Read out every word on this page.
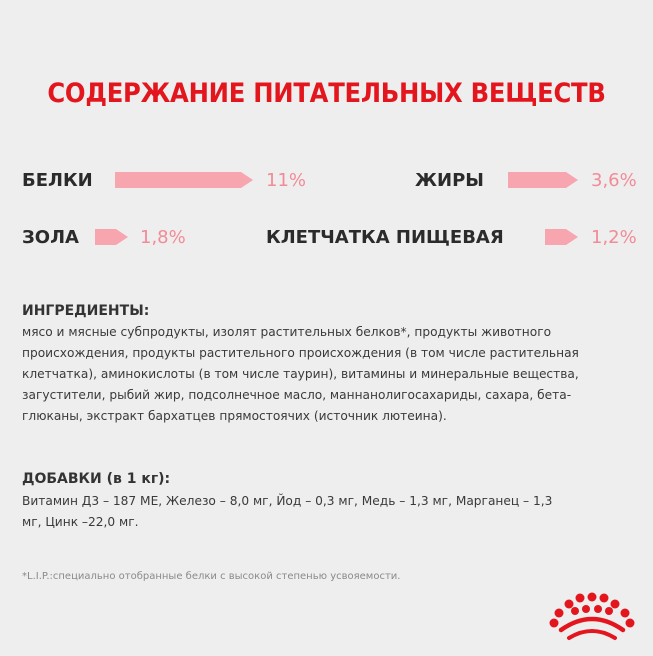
СОДЕРЖАНИЕ ПИТАТЕЛЬНЫХ ВЕЩЕСТВ
БЕЛКИ	11%	ЖИРЫ	3,6%
ЗОЛА	1,8%	КЛЕТЧАТКА ПИЩЕВАЯ	1,2%
ИНГРЕДИЕНТЫ:

мясо и мясные субпродукты, изолят растительных белков*, продукты животного происхождения, продукты растительного происхождения (в том числе растительная клетчатка), аминокислоты (в том числе таурин), витамины и минеральные вещества, загустители, рыбий жир, подсолнечное масло, маннанолигосахариды, сахара, бета-глюканы, экстракт бархатцев прямостоячих (источник лютеина).

ДОБАВКИ (в 1 кг):

Витамин Д3 – 187 МЕ, Железо – 8,0 мг, Йод – 0,3 мг, Медь – 1,3 мг, Марганец – 1,3 мг, Цинк –22,0 мг.

*L.I.P.:специально отобранные белки с высокой степенью усвояемости.
